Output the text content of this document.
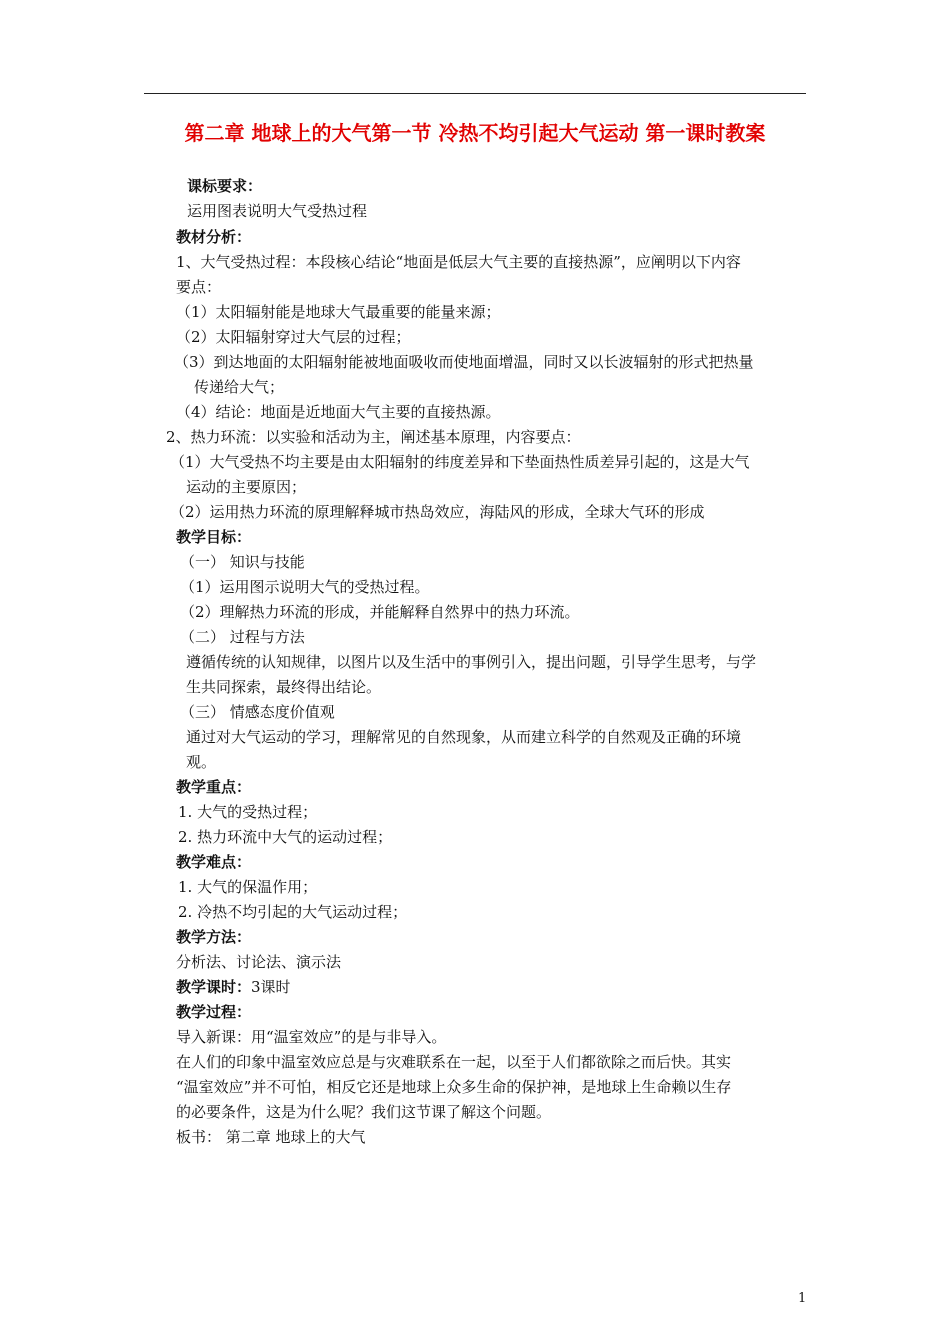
第二章 地球上的大气第一节 冷热不均引起大气运动 第一课时教案
课标要求：
运用图表说明大气受热过程
教材分析：
1、大气受热过程：本段核心结论“地面是低层大气主要的直接热源”，应阐明以下内容
要点：
（1）太阳辐射能是地球大气最重要的能量来源；
（2）太阳辐射穿过大气层的过程；
（3）到达地面的太阳辐射能被地面吸收而使地面增温，同时又以长波辐射的形式把热量
传递给大气；
（4）结论：地面是近地面大气主要的直接热源。
2、热力环流：以实验和活动为主，阐述基本原理，内容要点：
（1）大气受热不均主要是由太阳辐射的纬度差异和下垫面热性质差异引起的，这是大气
运动的主要原因；
（2）运用热力环流的原理解释城市热岛效应，海陆风的形成，全球大气环的形成
教学目标：
（一） 知识与技能
（1）运用图示说明大气的受热过程。
（2）理解热力环流的形成，并能解释自然界中的热力环流。
（二） 过程与方法
遵循传统的认知规律，以图片以及生活中的事例引入，提出问题，引导学生思考，与学
生共同探索，最终得出结论。
（三） 情感态度价值观
通过对大气运动的学习，理解常见的自然现象，从而建立科学的自然观及正确的环境
观。
教学重点：
1. 大气的受热过程；
2. 热力环流中大气的运动过程；
教学难点：
1. 大气的保温作用；
2. 冷热不均引起的大气运动过程；
教学方法：
分析法、讨论法、演示法
教学课时：3课时
教学过程：
导入新课：用“温室效应”的是与非导入。
在人们的印象中温室效应总是与灾难联系在一起，以至于人们都欲除之而后快。其实
“温室效应”并不可怕，相反它还是地球上众多生命的保护神，是地球上生命赖以生存
的必要条件，这是为什么呢？我们这节课了解这个问题。
板书： 第二章 地球上的大气
1
